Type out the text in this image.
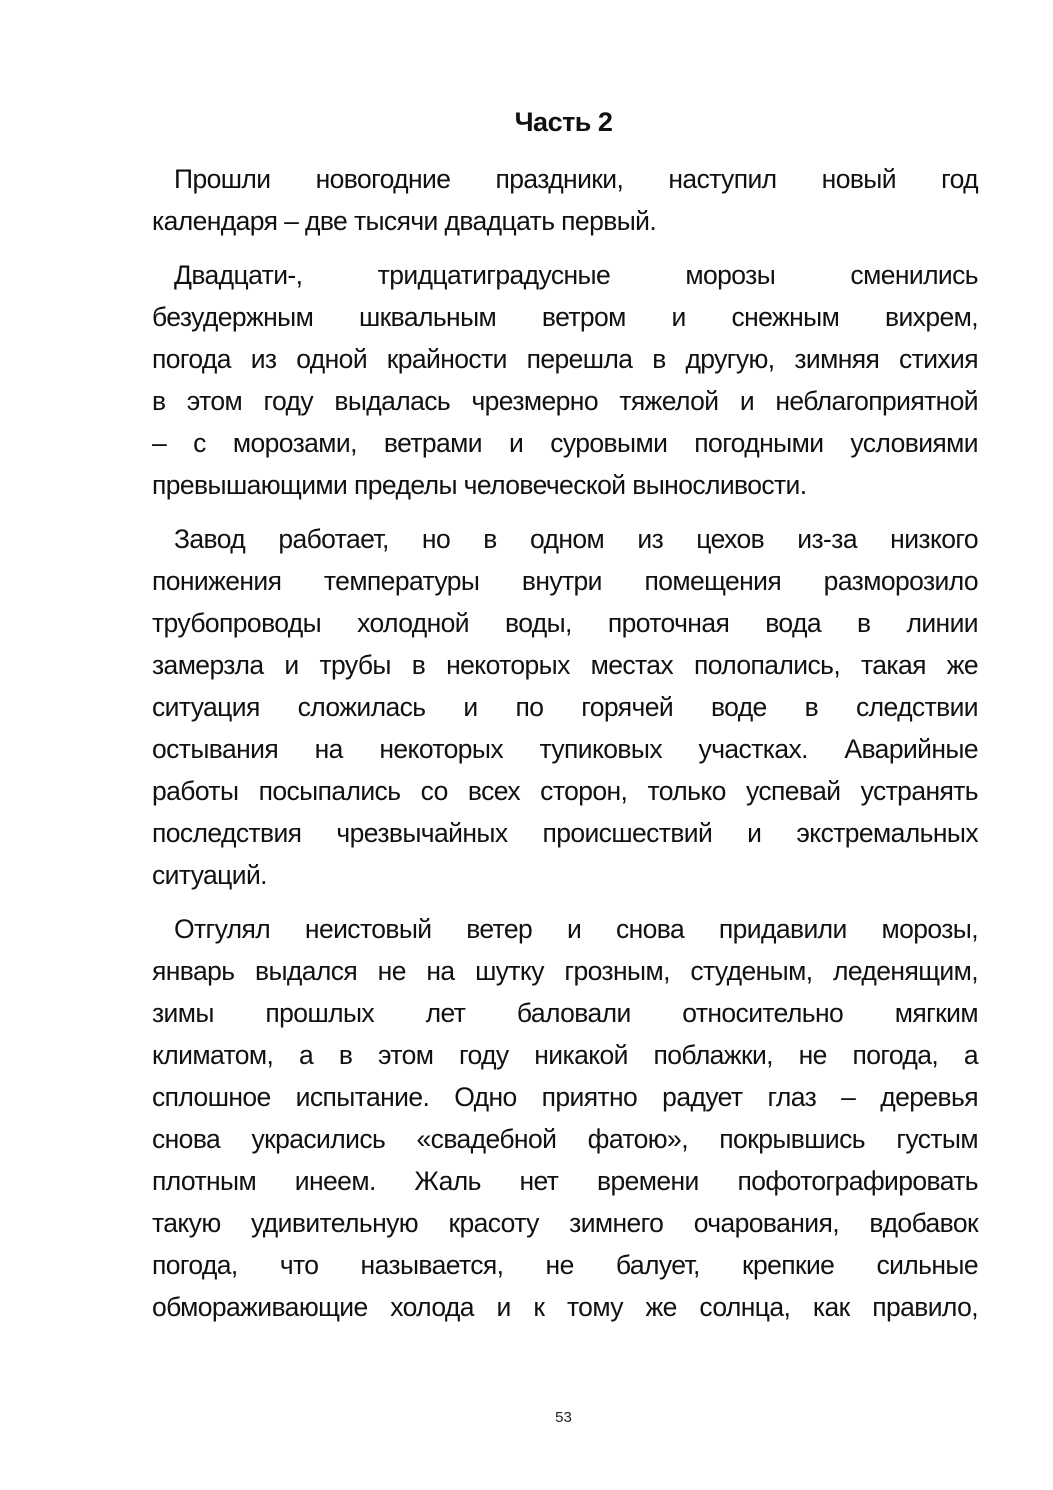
Часть 2
Прошли новогодние праздники, наступил новый год
календаря – две тысячи двадцать первый.
Двадцати-, тридцатиградусные морозы сменились
безудержным шквальным ветром и снежным вихрем,
погода из одной крайности перешла в другую, зимняя стихия
в этом году выдалась чрезмерно тяжелой и неблагоприятной
– с морозами, ветрами и суровыми погодными условиями
превышающими пределы человеческой выносливости.
Завод работает, но в одном из цехов из-за низкого
понижения температуры внутри помещения разморозило
трубопроводы холодной воды, проточная вода в линии
замерзла и трубы в некоторых местах полопались, такая же
ситуация сложилась и по горячей воде в следствии
остывания на некоторых тупиковых участках. Аварийные
работы посыпались со всех сторон, только успевай устранять
последствия чрезвычайных происшествий и экстремальных
ситуаций.
Отгулял неистовый ветер и снова придавили морозы,
январь выдался не на шутку грозным, студеным, леденящим,
зимы прошлых лет баловали относительно мягким
климатом, а в этом году никакой поблажки, не погода, а
сплошное испытание. Одно приятно радует глаз – деревья
снова украсились «свадебной фатою», покрывшись густым
плотным инеем. Жаль нет времени пофотографировать
такую удивительную красоту зимнего очарования, вдобавок
погода, что называется, не балует, крепкие сильные
обмораживающие холода и к тому же солнца, как правило,
53
